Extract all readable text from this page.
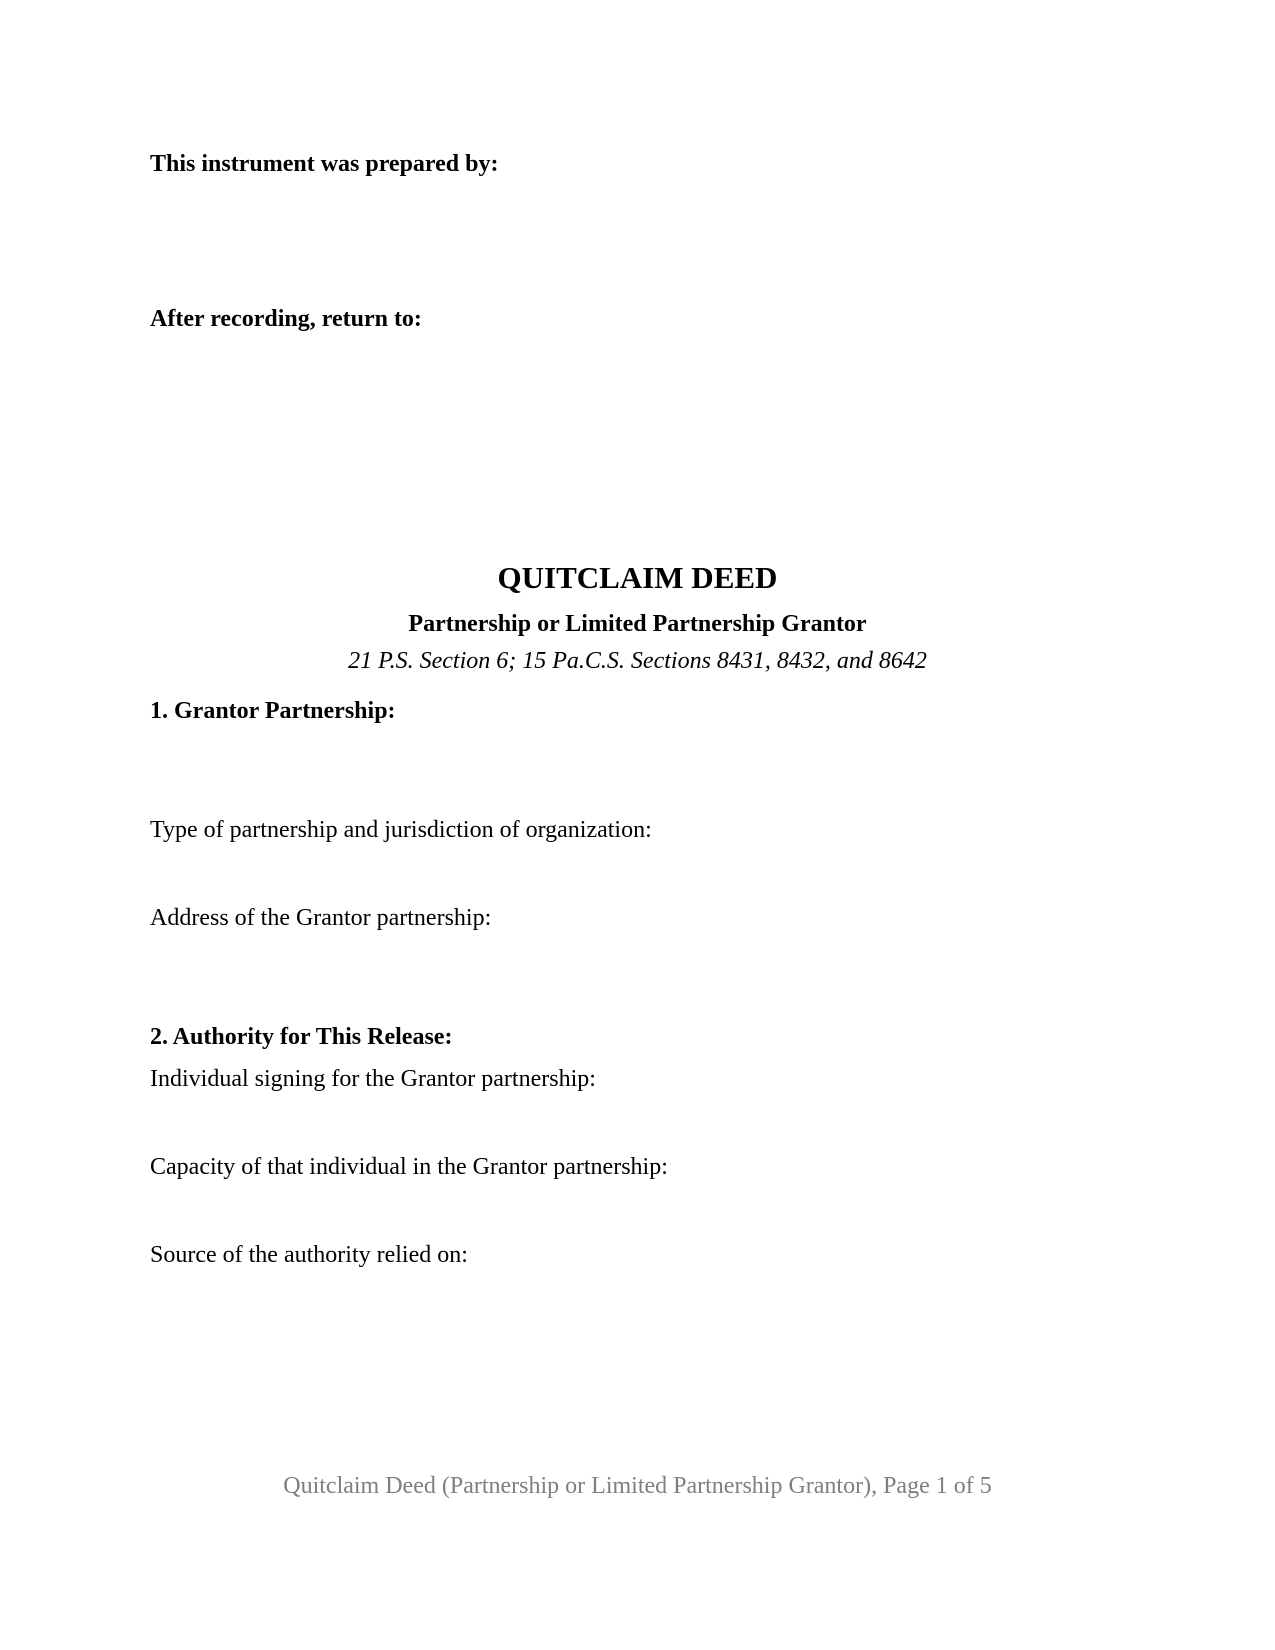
This instrument was prepared by:
After recording, return to:
QUITCLAIM DEED
Partnership or Limited Partnership Grantor
21 P.S. Section 6; 15 Pa.C.S. Sections 8431, 8432, and 8642
1. Grantor Partnership:
Type of partnership and jurisdiction of organization:
Address of the Grantor partnership:
2. Authority for This Release:
Individual signing for the Grantor partnership:
Capacity of that individual in the Grantor partnership:
Source of the authority relied on:
Quitclaim Deed (Partnership or Limited Partnership Grantor), Page 1 of 5
